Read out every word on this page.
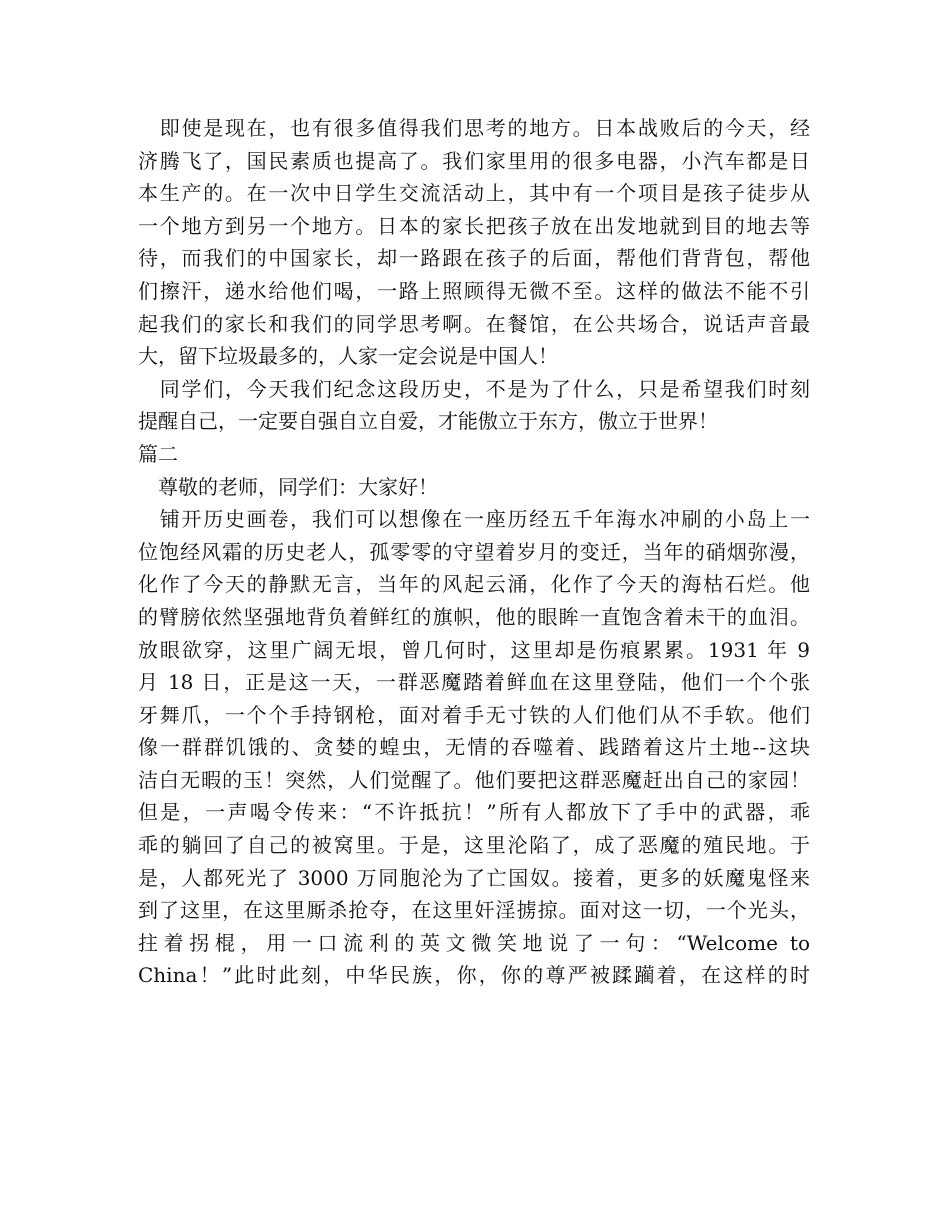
　即使是现在，也有很多值得我们思考的地方。日本战败后的今天，经
济腾飞了，国民素质也提高了。我们家里用的很多电器，小汽车都是日
本生产的。在一次中日学生交流活动上，其中有一个项目是孩子徒步从
一个地方到另一个地方。日本的家长把孩子放在出发地就到目的地去等
待，而我们的中国家长，却一路跟在孩子的后面，帮他们背背包，帮他
们擦汗，递水给他们喝，一路上照顾得无微不至。这样的做法不能不引
起我们的家长和我们的同学思考啊。在餐馆，在公共场合，说话声音最
大，留下垃圾最多的，人家一定会说是中国人！
　同学们，今天我们纪念这段历史，不是为了什么，只是希望我们时刻
提醒自己，一定要自强自立自爱，才能傲立于东方，傲立于世界！
篇二
　尊敬的老师，同学们：大家好！
　铺开历史画卷，我们可以想像在一座历经五千年海水冲刷的小岛上一
位饱经风霜的历史老人，孤零零的守望着岁月的变迁，当年的硝烟弥漫，
化作了今天的静默无言，当年的风起云涌，化作了今天的海枯石烂。他
的臂膀依然坚强地背负着鲜红的旗帜，他的眼眸一直饱含着未干的血泪。
放眼欲穿，这里广阔无垠，曾几何时，这里却是伤痕累累。1931 年 9
月 18 日，正是这一天，一群恶魔踏着鲜血在这里登陆，他们一个个张
牙舞爪，一个个手持钢枪，面对着手无寸铁的人们他们从不手软。他们
像一群群饥饿的、贪婪的蝗虫，无情的吞噬着、践踏着这片土地--这块
洁白无暇的玉！突然，人们觉醒了。他们要把这群恶魔赶出自己的家园！
但是，一声喝令传来：“不许抵抗！”所有人都放下了手中的武器，乖
乖的躺回了自己的被窝里。于是，这里沦陷了，成了恶魔的殖民地。于
是，人都死光了 3000 万同胞沦为了亡国奴。接着，更多的妖魔鬼怪来
到了这里，在这里厮杀抢夺，在这里奸淫掳掠。面对这一切，一个光头，
拄着拐棍，用一口流利的英文微笑地说了一句：“Welcome to
China！”此时此刻，中华民族，你，你的尊严被蹂躏着，在这样的时
